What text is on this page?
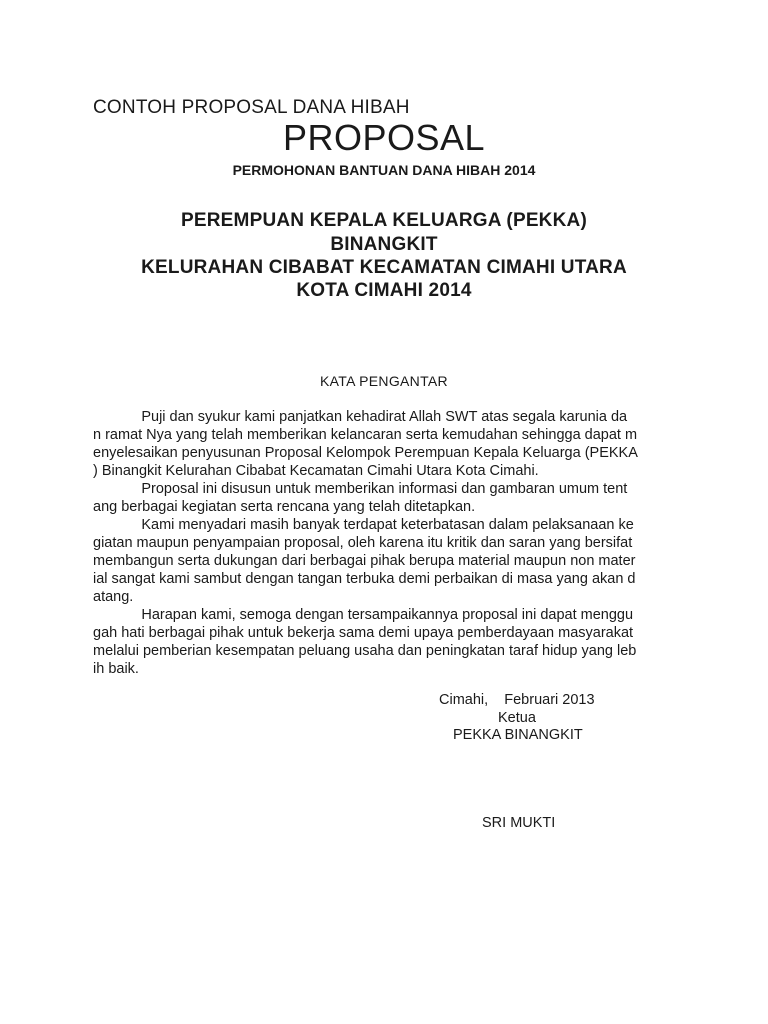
CONTOH PROPOSAL DANA HIBAH
PROPOSAL
PERMOHONAN BANTUAN DANA HIBAH 2014
PEREMPUAN KEPALA KELUARGA (PEKKA)
BINANGKIT
KELURAHAN CIBABAT KECAMATAN CIMAHI UTARA
KOTA CIMAHI 2014
KATA PENGANTAR
Puji dan syukur kami panjatkan kehadirat Allah SWT atas segala karunia da
n ramat Nya yang telah memberikan kelancaran serta kemudahan sehingga dapat m
enyelesaikan penyusunan Proposal Kelompok Perempuan Kepala Keluarga (PEKKA
) Binangkit Kelurahan Cibabat Kecamatan Cimahi Utara Kota Cimahi.
Proposal ini disusun untuk memberikan informasi dan gambaran umum tent
ang berbagai kegiatan serta rencana yang telah ditetapkan.
Kami menyadari masih banyak terdapat keterbatasan dalam pelaksanaan ke
giatan maupun penyampaian proposal, oleh karena itu kritik dan saran yang bersifat
membangun serta dukungan dari berbagai pihak berupa material maupun non mater
ial sangat kami sambut dengan tangan terbuka demi perbaikan di masa yang akan d
atang.
Harapan kami, semoga dengan tersampaikannya proposal ini dapat menggu
gah hati berbagai pihak untuk bekerja sama demi upaya pemberdayaan masyarakat
melalui pemberian kesempatan peluang usaha dan peningkatan taraf hidup yang leb
ih baik.
Cimahi,    Februari 2013
Ketua
PEKKA BINANGKIT
SRI MUKTI
